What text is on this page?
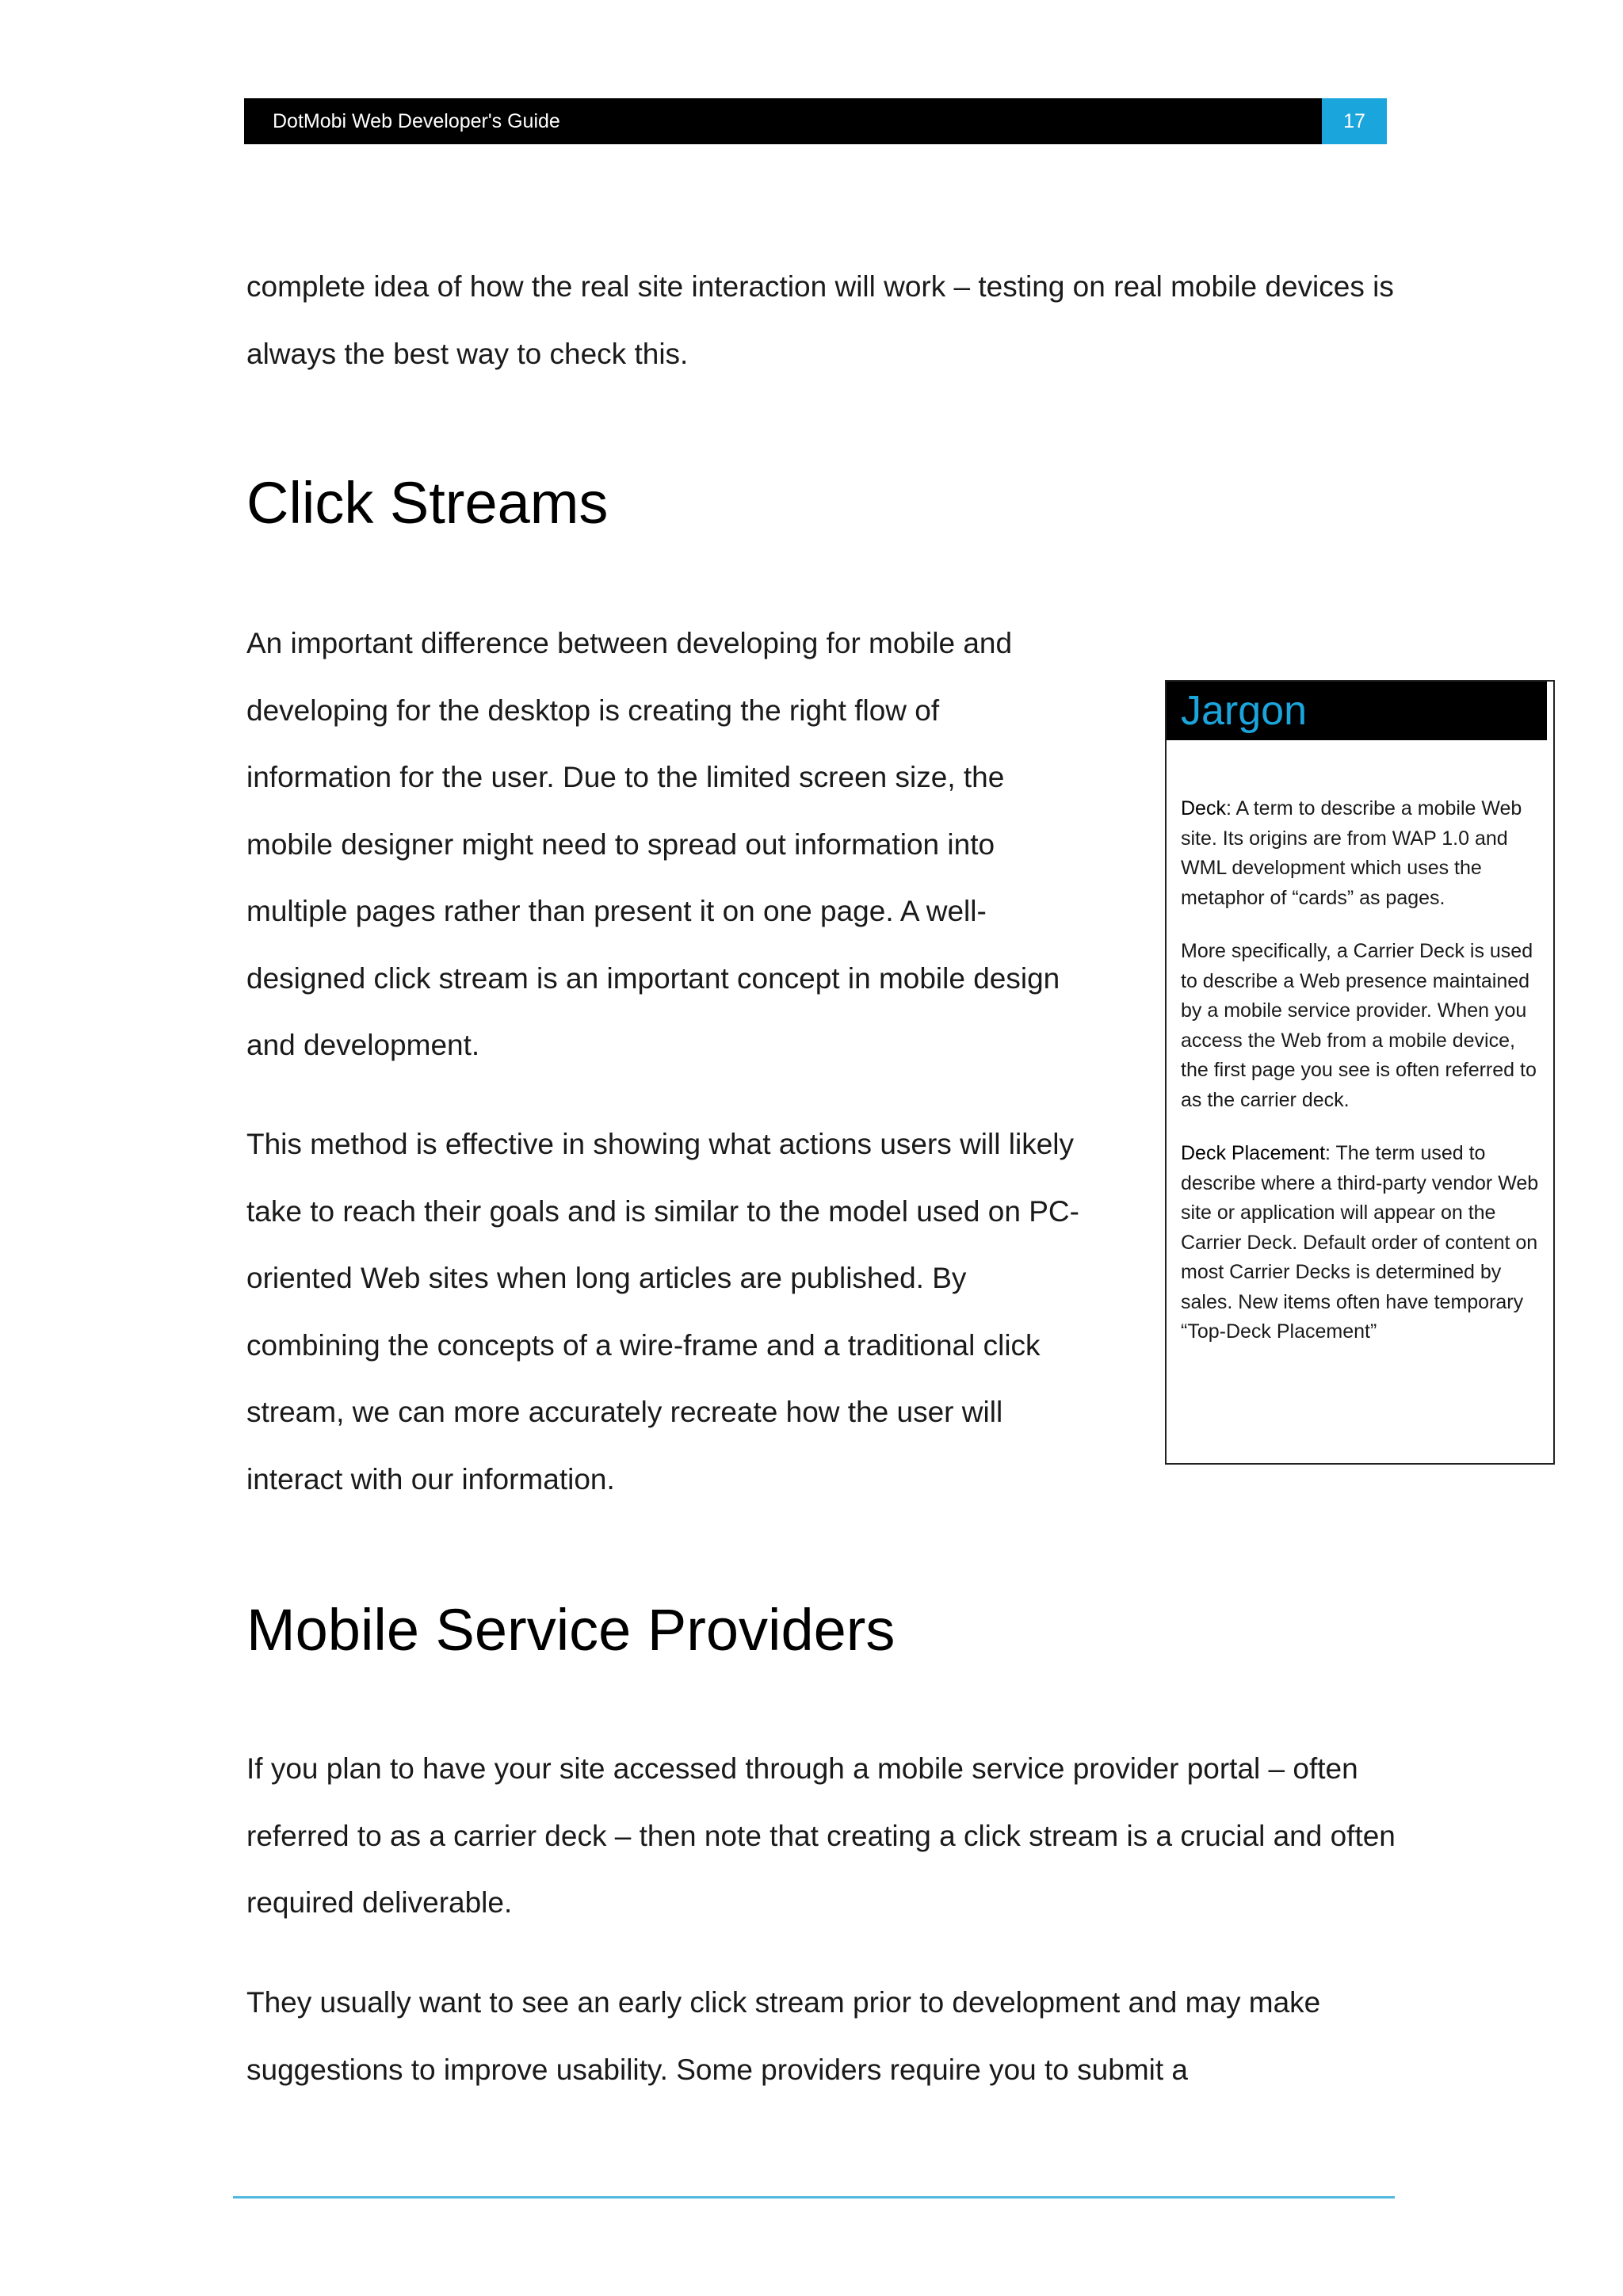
DotMobi Web Developer's Guide	17

complete idea of how the real site interaction will work – testing on real mobile devices is always the best way to check this.

Click Streams

An important difference between developing for mobile and developing for the desktop is creating the right flow of information for the user. Due to the limited screen size, the mobile designer might need to spread out information into multiple pages rather than present it on one page. A well-designed click stream is an important concept in mobile design and development.

This method is effective in showing what actions users will likely take to reach their goals and is similar to the model used on PC-oriented Web sites when long articles are published. By combining the concepts of a wire-frame and a traditional click stream, we can more accurately recreate how the user will interact with our information.

Jargon

Deck: A term to describe a mobile Web site. Its origins are from WAP 1.0 and WML development which uses the metaphor of “cards” as pages.

More specifically, a Carrier Deck is used to describe a Web presence maintained by a mobile service provider. When you access the Web from a mobile device, the first page you see is often referred to as the carrier deck.

Deck Placement: The term used to describe where a third-party vendor Web site or application will appear on the Carrier Deck. Default order of content on most Carrier Decks is determined by sales. New items often have temporary “Top-Deck Placement”

Mobile Service Providers

If you plan to have your site accessed through a mobile service provider portal – often referred to as a carrier deck – then note that creating a click stream is a crucial and often required deliverable.

They usually want to see an early click stream prior to development and may make suggestions to improve usability. Some providers require you to submit a
